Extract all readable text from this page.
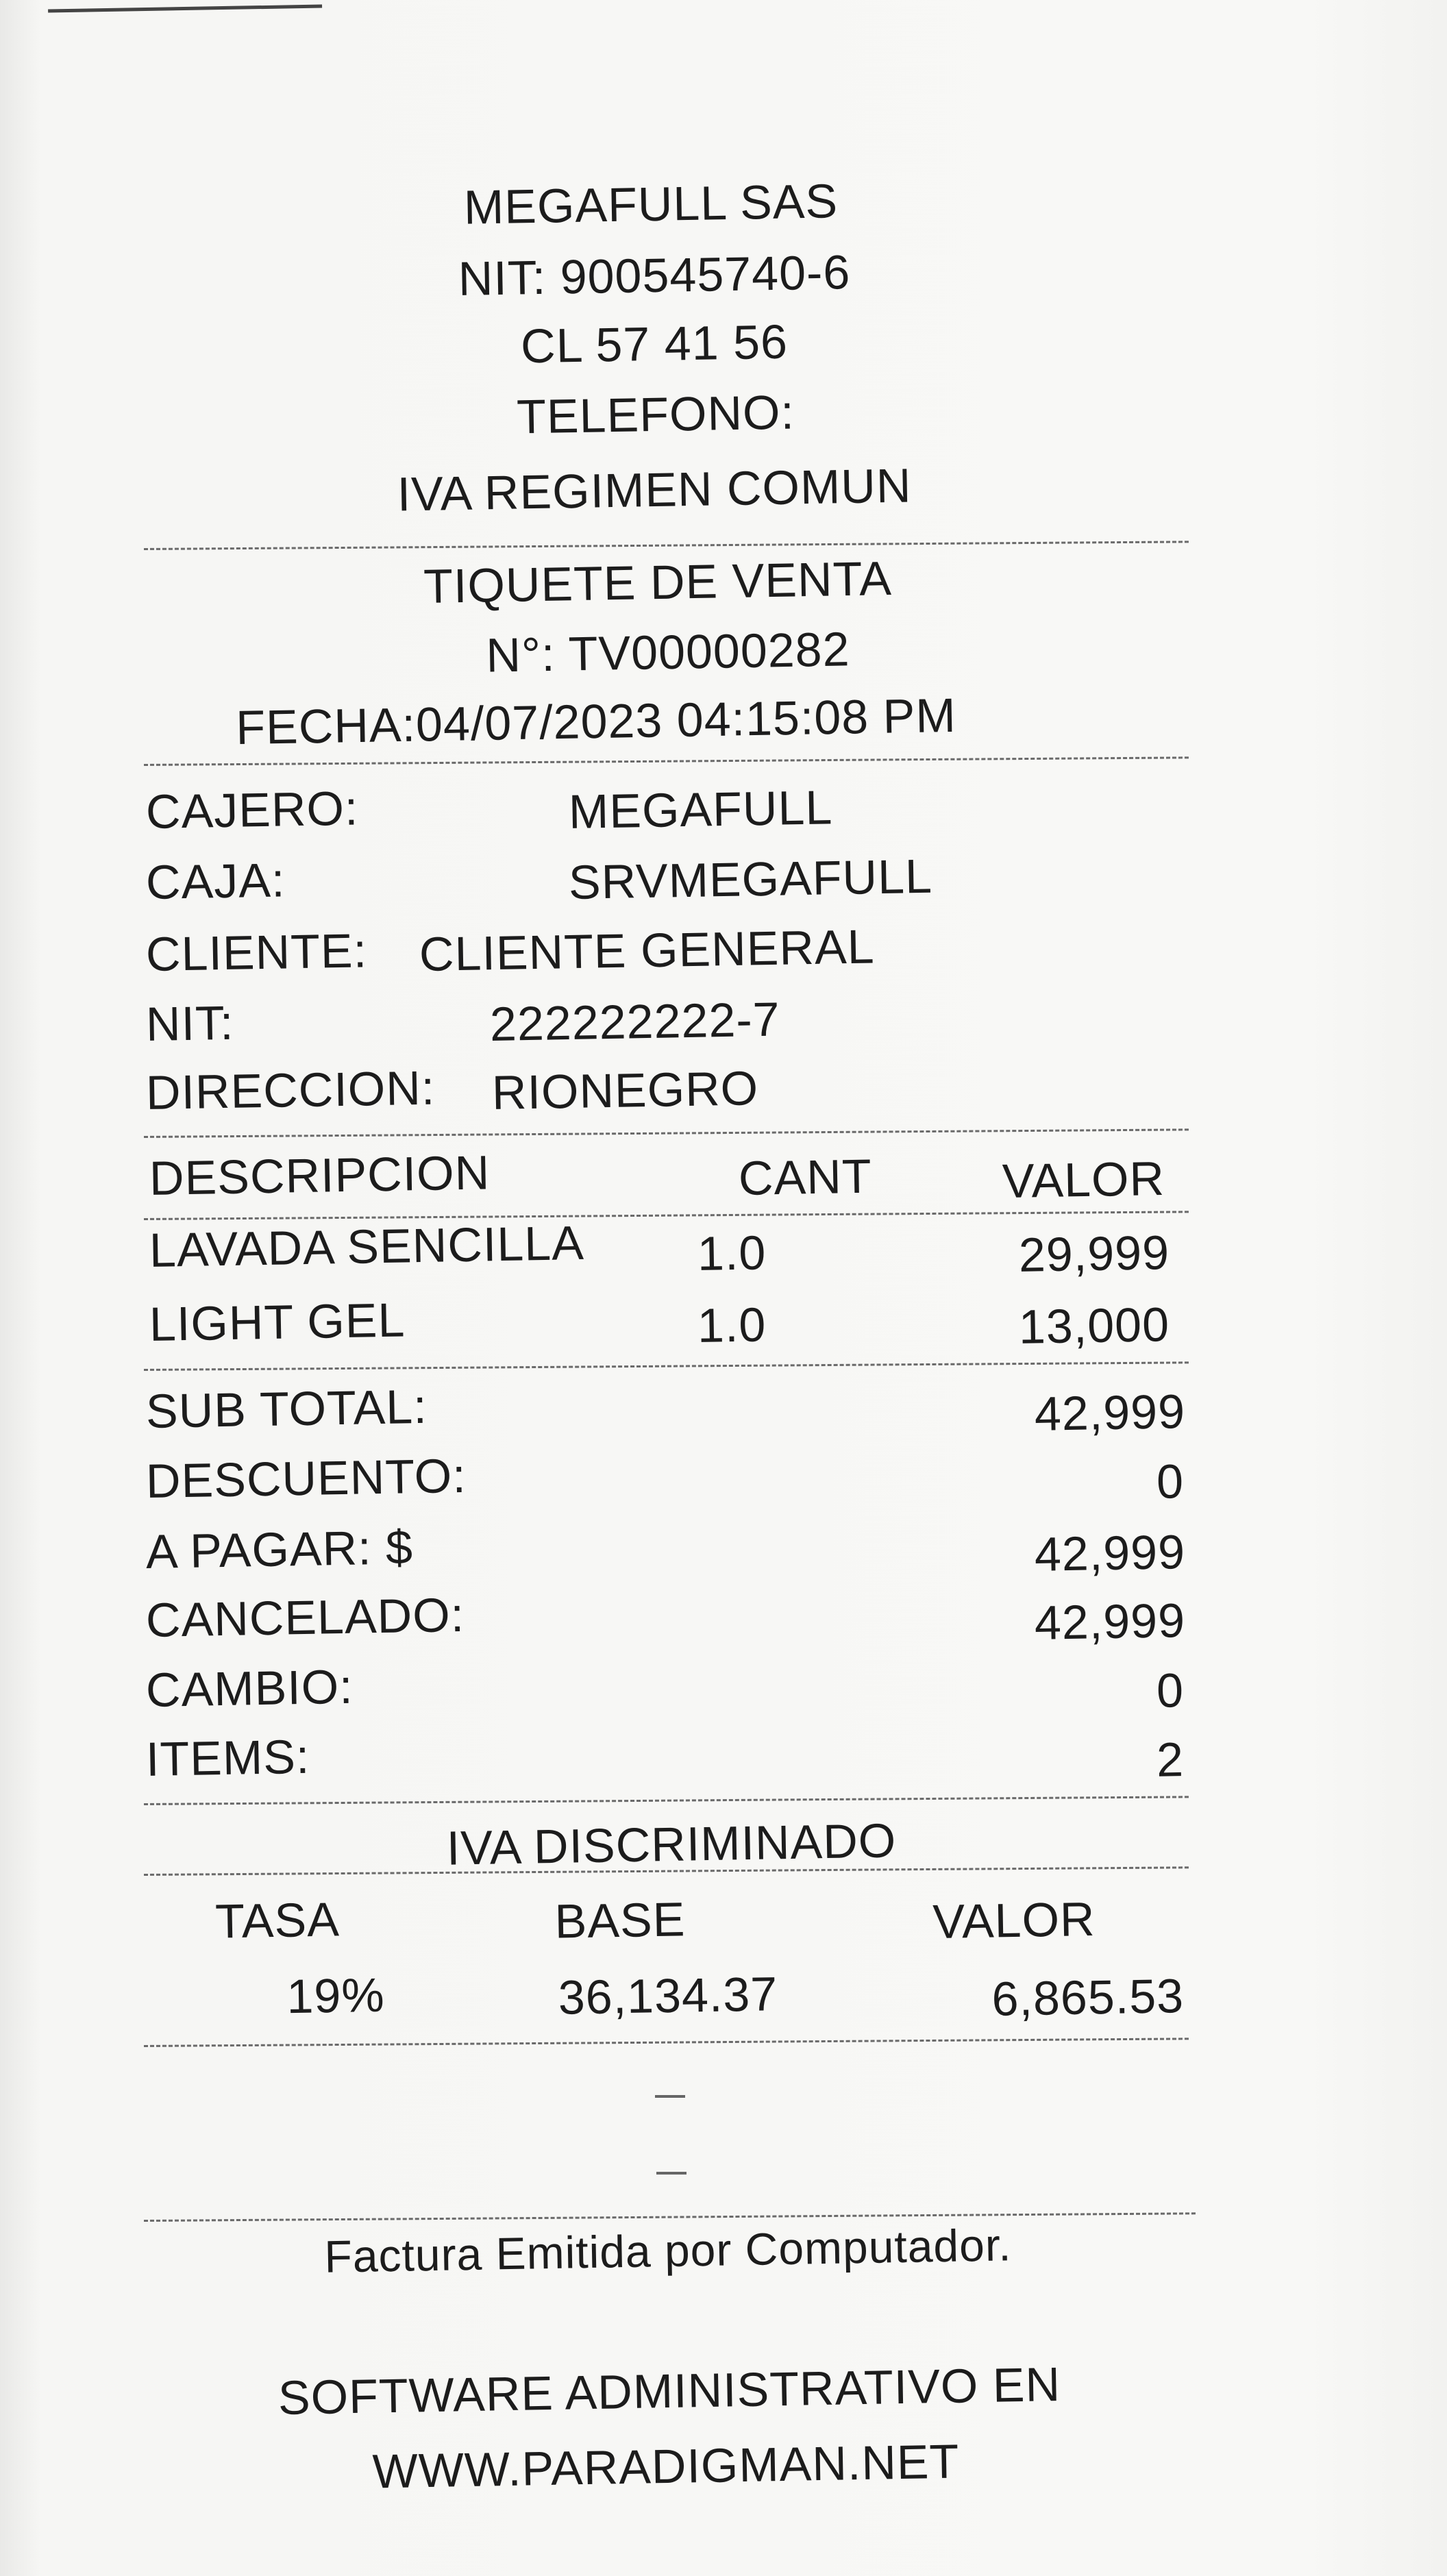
MEGAFULL SAS
NIT: 900545740-6
CL 57 41 56
TELEFONO:
IVA REGIMEN COMUN
TIQUETE DE VENTA
N°: TV00000282
FECHA:04/07/2023 04:15:08 PM
CAJERO:	MEGAFULL
CAJA:	SRVMEGAFULL
CLIENTE: CLIENTE GENERAL
NIT:	222222222-7
DIRECCION: RIONEGRO
DESCRIPCION	CANT	VALOR
LAVADA SENCILLA 1.0	29,999
LIGHT GEL	1.0	13,000
SUB TOTAL:	42,999
DESCUENTO:	0
A PAGAR: $	42,999
CANCELADO:	42,999
CAMBIO:	0
ITEMS:	2
IVA DISCRIMINADO
TASA	BASE	VALOR
19%	36,134.37	6,865.53
Factura Emitida por Computador.
SOFTWARE ADMINISTRATIVO EN
WWW.PARADIGMAN.NET
